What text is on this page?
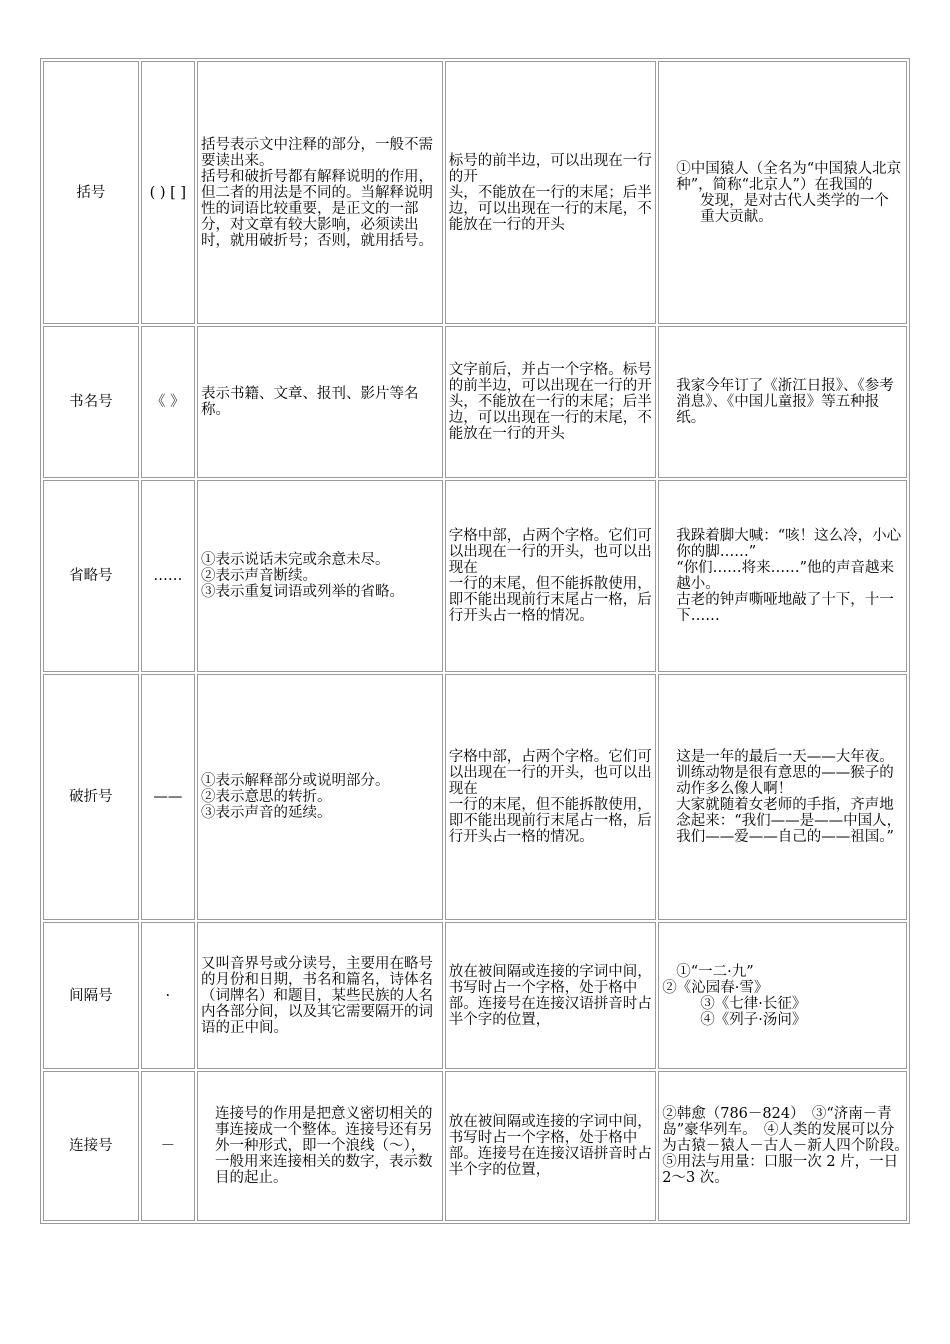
括号	( ) [ ]	括号表示文中注释的部分，一般不需要读出来。
括号和破折号都有解释说明的作用，但二者的用法是不同的。当解释说明性的词语比较重要，是正文的一部分，对文章有较大影响，必须读出时，就用破折号；否则，就用括号。	标号的前半边，可以出现在一行的开
头，不能放在一行的末尾；后半边，可以出现在一行的末尾，不能放在一行的开头	①中国猿人（全名为“中国猿人北京种”，简称“北京人”）在我国的
发现，是对古代人类学的一个重大贡献。

书名号	《 》	表示书籍、文章、报刊、影片等名称。	文字前后，并占一个字格。标号的前半边，可以出现在一行的开
头，不能放在一行的末尾；后半边，可以出现在一行的末尾，不能放在一行的开头	我家今年订了《浙江日报》、《参考消息》、《中国儿童报》等五种报纸。

省略号	……	①表示说话未完或余意未尽。
②表示声音断续。
③表示重复词语或列举的省略。	字格中部，占两个字格。它们可以出现在一行的开头，也可以出现在
一行的末尾，但不能拆散使用，即不能出现前行末尾占一格，后行开头占一格的情况。	我跺着脚大喊：“咳！这么冷，小心你的脚……”
“你们……将来……”他的声音越来越小。
古老的钟声嘶哑地敲了十下，十一下……

破折号	——	①表示解释部分或说明部分。
②表示意思的转折。
③表示声音的延续。	字格中部，占两个字格。它们可以出现在一行的开头，也可以出现在
一行的末尾，但不能拆散使用，即不能出现前行末尾占一格，后行开头占一格的情况。	这是一年的最后一天——大年夜。
训练动物是很有意思的——猴子的动作多么像人啊！
大家就随着女老师的手指，齐声地念起来：“我们——是——中国人，我们——爱——自己的——祖国。”

间隔号	·	又叫音界号或分读号，主要用在略号的月份和日期，书名和篇名，诗体名（词牌名）和题目，某些民族的人名内各部分间，以及其它需要隔开的词语的正中间。	放在被间隔或连接的字词中间，书写时占一个字格，处于格中部。连接号在连接汉语拼音时占半个字的位置，	①“一二·九”
②《沁园春·雪》
③《七律·长征》
④《列子·汤问》

连接号	－	连接号的作用是把意义密切相关的事连接成一个整体。连接号还有另外一种形式，即一个浪线（～），一般用来连接相关的数字，表示数目的起止。	放在被间隔或连接的字词中间，书写时占一个字格，处于格中部。连接号在连接汉语拼音时占半个字的位置，	②韩愈（786－824）　③“济南－青岛”豪华列车。　④人类的发展可以分为古猿－猿人－古人－新人四个阶段。　⑤用法与用量：口服一次 2 片，一日 2～3 次。
